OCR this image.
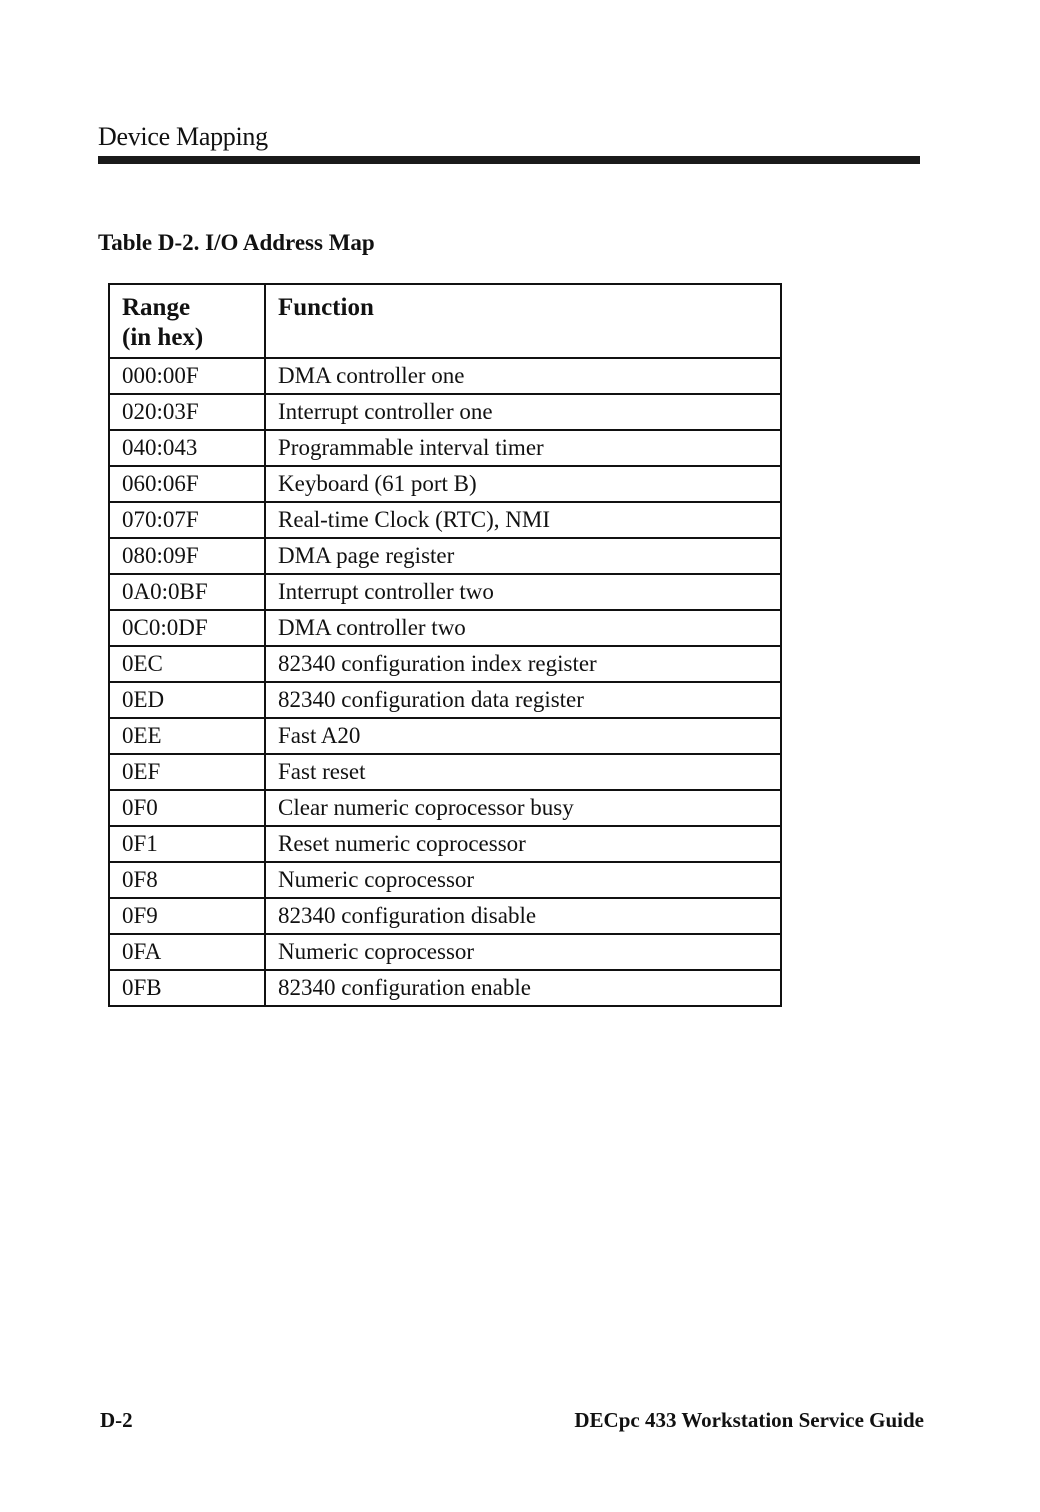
Device Mapping
Table D-2. I/O Address Map
Range
(in hex)	Function
000:00F	DMA controller one
020:03F	Interrupt controller one
040:043	Programmable interval timer
060:06F	Keyboard (61 port B)
070:07F	Real-time Clock (RTC), NMI
080:09F	DMA page register
0A0:0BF	Interrupt controller two
0C0:0DF	DMA controller two
0EC	82340 configuration index register
0ED	82340 configuration data register
0EE	Fast A20
0EF	Fast reset
0F0	Clear numeric coprocessor busy
0F1	Reset numeric coprocessor
0F8	Numeric coprocessor
0F9	82340 configuration disable
0FA	Numeric coprocessor
0FB	82340 configuration enable
D-2	DECpc 433 Workstation Service Guide
